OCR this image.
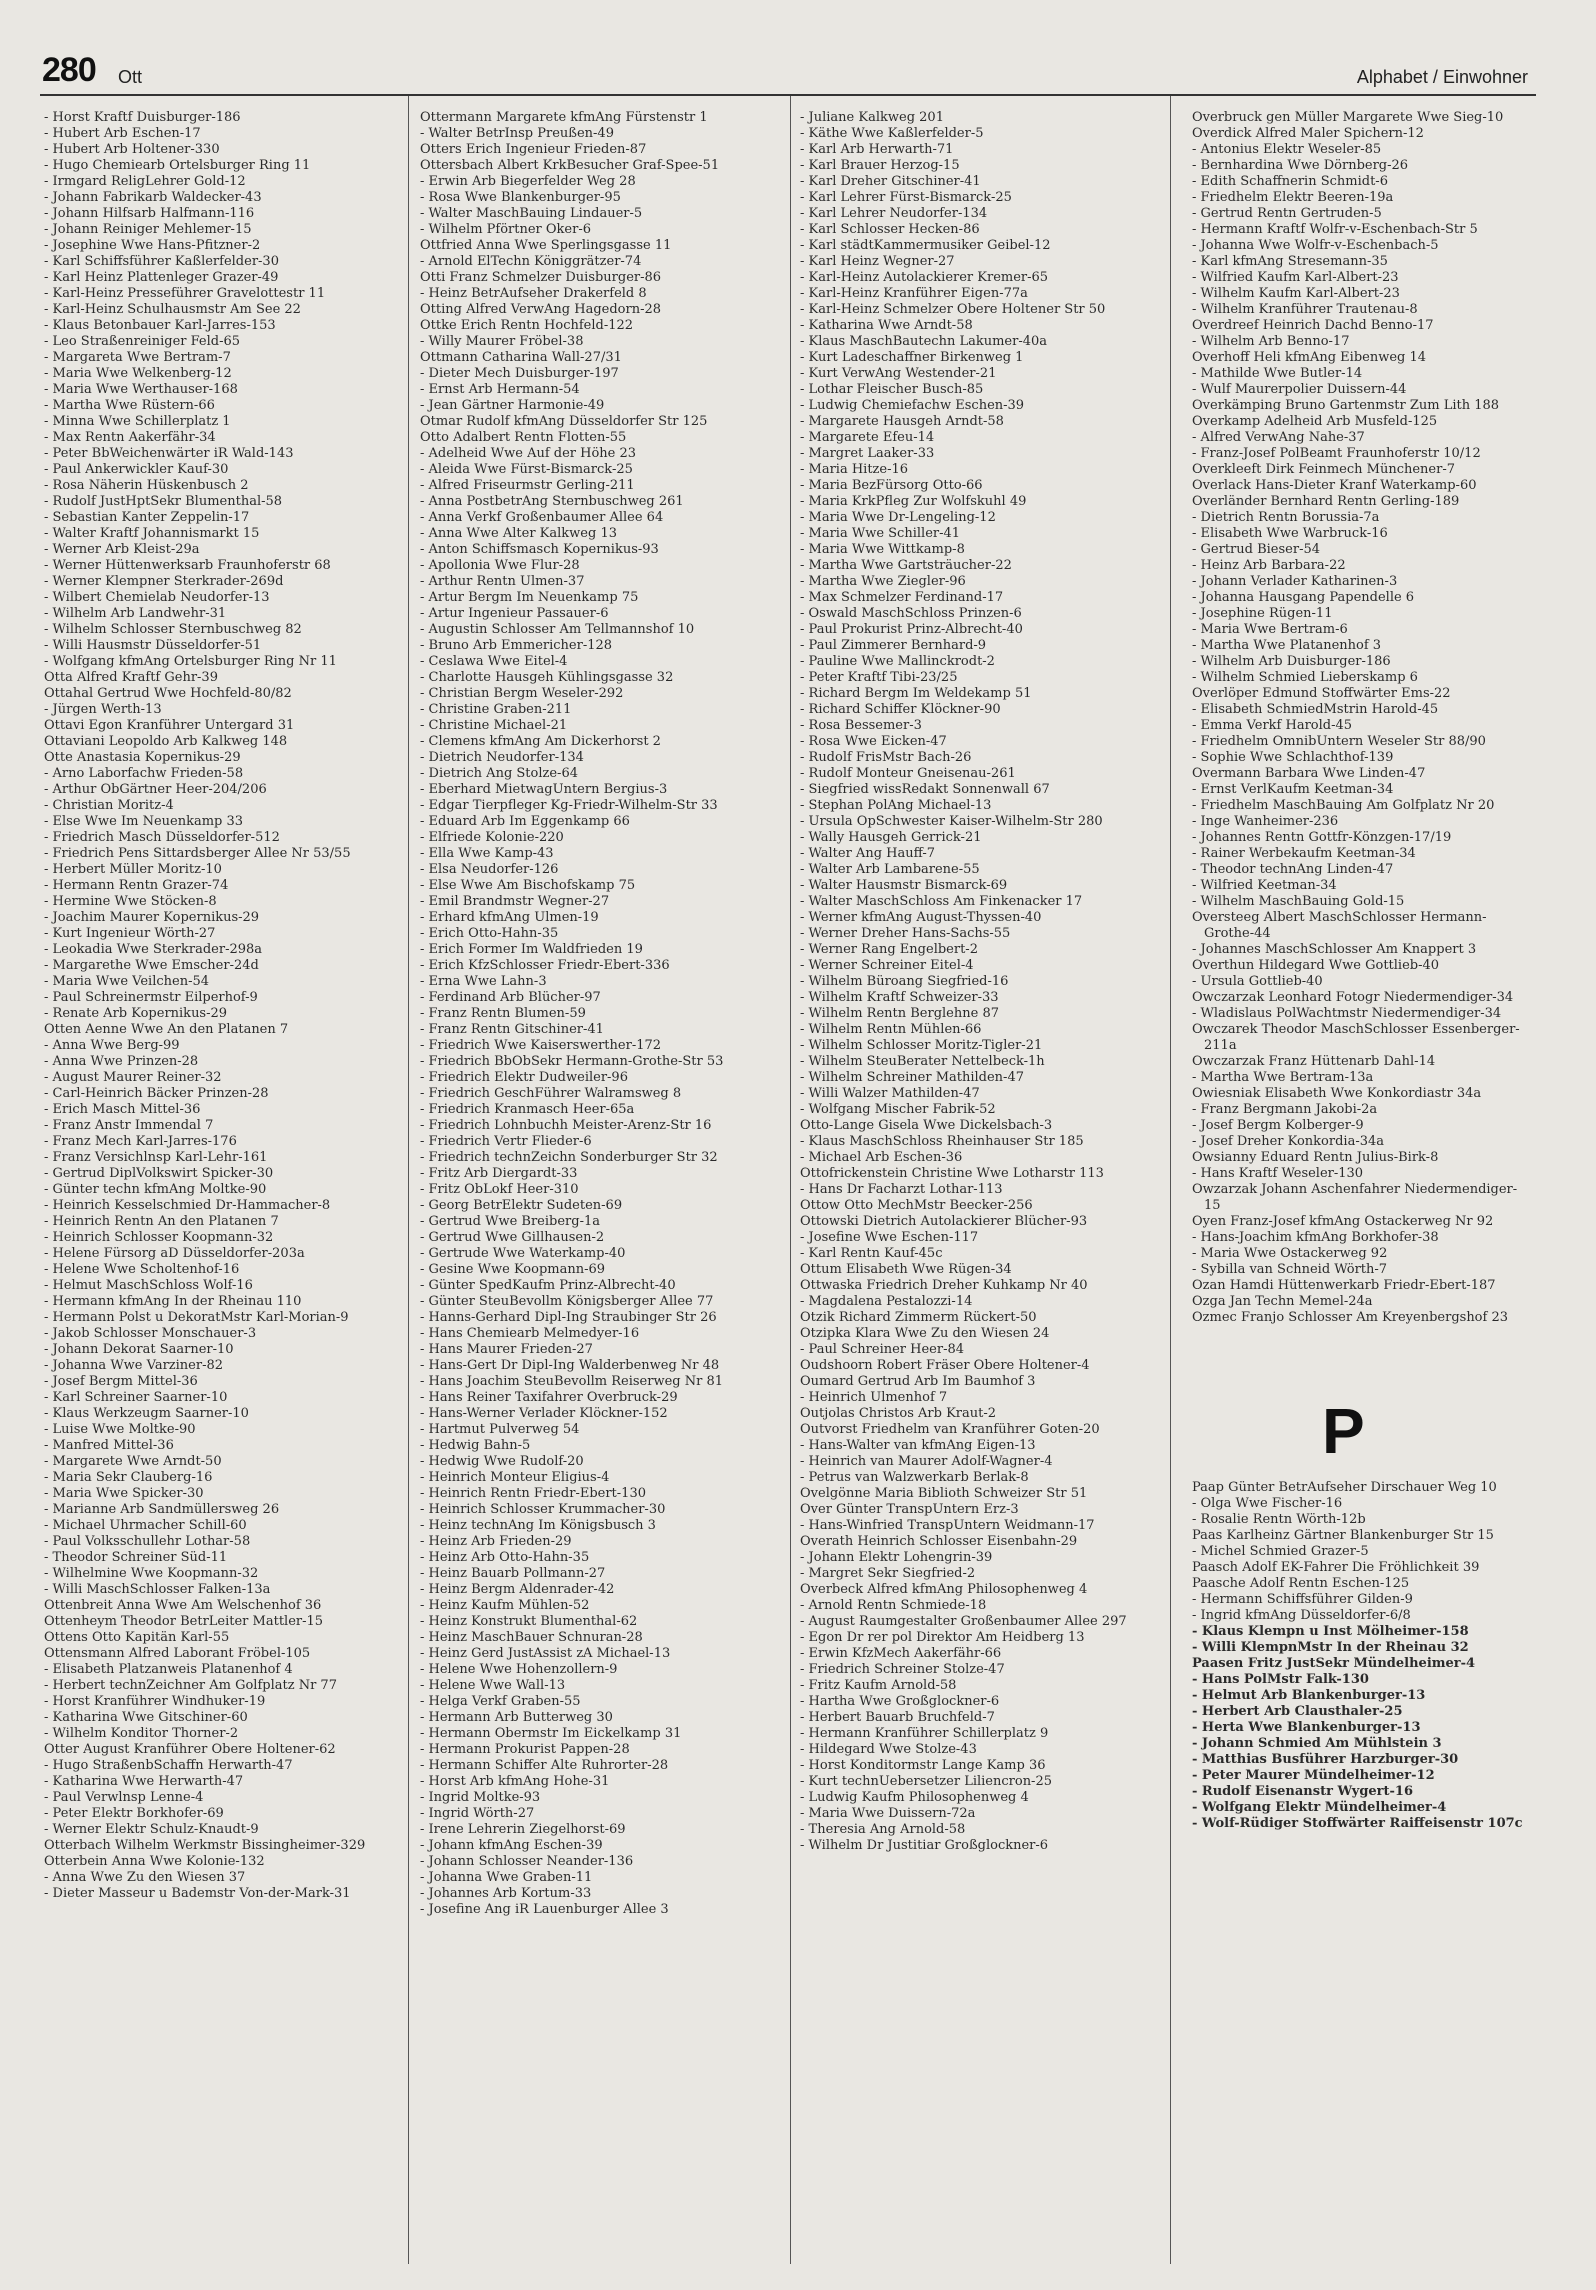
280 Ott	Alphabet / Einwohner
- Horst Kraftf Duisburger-186
- Hubert Arb Eschen-17
- Hubert Arb Holtener-330
- Hugo Chemiearb Ortelsburger Ring 11
- Irmgard ReligLehrer Gold-12
- Johann Fabrikarb Waldecker-43
- Johann Hilfsarb Halfmann-116
- Johann Reiniger Mehlemer-15
- Josephine Wwe Hans-Pfitzner-2
- Karl Schiffsführer Kaßlerfelder-30
- Karl Heinz Plattenleger Grazer-49
- Karl-Heinz Presseführer Gravelottestr 11
- Karl-Heinz Schulhausmstr Am See 22
- Klaus Betonbauer Karl-Jarres-153
- Leo Straßenreiniger Feld-65
- Margareta Wwe Bertram-7
- Maria Wwe Welkenberg-12
- Maria Wwe Werthauser-168
- Martha Wwe Rüstern-66
- Minna Wwe Schillerplatz 1
- Max Rentn Aakerfähr-34
- Peter BbWeichenwärter iR Wald-143
- Paul Ankerwickler Kauf-30
- Rosa Näherin Hüskenbusch 2
- Rudolf JustHptSekr Blumenthal-58
- Sebastian Kanter Zeppelin-17
- Walter Kraftf Johannismarkt 15
- Werner Arb Kleist-29a
- Werner Hüttenwerksarb Fraunhoferstr 68
- Werner Klempner Sterkrader-269d
- Wilbert Chemielab Neudorfer-13
- Wilhelm Arb Landwehr-31
- Wilhelm Schlosser Sternbuschweg 82
- Willi Hausmstr Düsseldorfer-51
- Wolfgang kfmAng Ortelsburger Ring Nr 11
Otta Alfred Kraftf Gehr-39
Ottahal Gertrud Wwe Hochfeld-80/82
- Jürgen Werth-13
Ottavi Egon Kranführer Untergard 31
Ottaviani Leopoldo Arb Kalkweg 148
Otte Anastasia Kopernikus-29
- Arno Laborfachw Frieden-58
- Arthur ObGärtner Heer-204/206
- Christian Moritz-4
- Else Wwe Im Neuenkamp 33
- Friedrich Masch Düsseldorfer-512
- Friedrich Pens Sittardsberger Allee Nr 53/55
- Herbert Müller Moritz-10
- Hermann Rentn Grazer-74
- Hermine Wwe Stöcken-8
- Joachim Maurer Kopernikus-29
- Kurt Ingenieur Wörth-27
- Leokadia Wwe Sterkrader-298a
- Margarethe Wwe Emscher-24d
- Maria Wwe Veilchen-54
- Paul Schreinermstr Eilperhof-9
- Renate Arb Kopernikus-29
Otten Aenne Wwe An den Platanen 7
- Anna Wwe Berg-99
- Anna Wwe Prinzen-28
- August Maurer Reiner-32
- Carl-Heinrich Bäcker Prinzen-28
- Erich Masch Mittel-36
- Franz Anstr Immendal 7
- Franz Mech Karl-Jarres-176
- Franz Versichlnsp Karl-Lehr-161
- Gertrud DiplVolkswirt Spicker-30
- Günter techn kfmAng Moltke-90
- Heinrich Kesselschmied Dr-Hammacher-8
- Heinrich Rentn An den Platanen 7
- Heinrich Schlosser Koopmann-32
- Helene Fürsorg aD Düsseldorfer-203a
- Helene Wwe Scholtenhof-16
- Helmut MaschSchloss Wolf-16
- Hermann kfmAng In der Rheinau 110
- Hermann Polst u DekoratMstr Karl-Morian-9
- Jakob Schlosser Monschauer-3
- Johann Dekorat Saarner-10
- Johanna Wwe Varziner-82
- Josef Bergm Mittel-36
- Karl Schreiner Saarner-10
- Klaus Werkzeugm Saarner-10
- Luise Wwe Moltke-90
- Manfred Mittel-36
- Margarete Wwe Arndt-50
- Maria Sekr Clauberg-16
- Maria Wwe Spicker-30
- Marianne Arb Sandmüllersweg 26
- Michael Uhrmacher Schill-60
- Paul Volksschullehr Lothar-58
- Theodor Schreiner Süd-11
- Wilhelmine Wwe Koopmann-32
- Willi MaschSchlosser Falken-13a
Ottenbreit Anna Wwe Am Welschenhof 36
Ottenheym Theodor BetrLeiter Mattler-15
Ottens Otto Kapitän Karl-55
Ottensmann Alfred Laborant Fröbel-105
- Elisabeth Platzanweis Platanenhof 4
- Herbert technZeichner Am Golfplatz Nr 77
- Horst Kranführer Windhuker-19
- Katharina Wwe Gitschiner-60
- Wilhelm Konditor Thorner-2
Otter August Kranführer Obere Holtener-62
- Hugo StraßenbSchaffn Herwarth-47
- Katharina Wwe Herwarth-47
- Paul Verwlnsp Lenne-4
- Peter Elektr Borkhofer-69
- Werner Elektr Schulz-Knaudt-9
Otterbach Wilhelm Werkmstr Bissingheimer-329
Otterbein Anna Wwe Kolonie-132
- Anna Wwe Zu den Wiesen 37
- Dieter Masseur u Bademstr Von-der-Mark-31
Ottermann Margarete kfmAng Fürstenstr 1
- Walter BetrInsp Preußen-49
Otters Erich Ingenieur Frieden-87
Ottersbach Albert KrkBesucher Graf-Spee-51
- Erwin Arb Biegerfelder Weg 28
- Rosa Wwe Blankenburger-95
- Walter MaschBauing Lindauer-5
- Wilhelm Pförtner Oker-6
Ottfried Anna Wwe Sperlingsgasse 11
- Arnold ElTechn Königgrätzer-74
Otti Franz Schmelzer Duisburger-86
- Heinz BetrAufseher Drakerfeld 8
Otting Alfred VerwAng Hagedorn-28
Ottke Erich Rentn Hochfeld-122
- Willy Maurer Fröbel-38
Ottmann Catharina Wall-27/31
- Dieter Mech Duisburger-197
- Ernst Arb Hermann-54
- Jean Gärtner Harmonie-49
Otmar Rudolf kfmAng Düsseldorfer Str 125
Otto Adalbert Rentn Flotten-55
- Adelheid Wwe Auf der Höhe 23
- Aleida Wwe Fürst-Bismarck-25
- Alfred Friseurmstr Gerling-211
- Anna PostbetrAng Sternbuschweg 261
- Anna Verkf Großenbaumer Allee 64
- Anna Wwe Alter Kalkweg 13
- Anton Schiffsmasch Kopernikus-93
- Apollonia Wwe Flur-28
- Arthur Rentn Ulmen-37
- Artur Bergm Im Neuenkamp 75
- Artur Ingenieur Passauer-6
- Augustin Schlosser Am Tellmannshof 10
- Bruno Arb Emmericher-128
- Ceslawa Wwe Eitel-4
- Charlotte Hausgeh Kühlingsgasse 32
- Christian Bergm Weseler-292
- Christine Graben-211
- Christine Michael-21
- Clemens kfmAng Am Dickerhorst 2
- Dietrich Neudorfer-134
- Dietrich Ang Stolze-64
- Eberhard MietwagUntern Bergius-3
- Edgar Tierpfleger Kg-Friedr-Wilhelm-Str 33
- Eduard Arb Im Eggenkamp 66
- Elfriede Kolonie-220
- Ella Wwe Kamp-43
- Elsa Neudorfer-126
- Else Wwe Am Bischofskamp 75
- Emil Brandmstr Wegner-27
- Erhard kfmAng Ulmen-19
- Erich Otto-Hahn-35
- Erich Former Im Waldfrieden 19
- Erich KfzSchlosser Friedr-Ebert-336
- Erna Wwe Lahn-3
- Ferdinand Arb Blücher-97
- Franz Rentn Blumen-59
- Franz Rentn Gitschiner-41
- Friedrich Wwe Kaiserswerther-172
- Friedrich BbObSekr Hermann-Grothe-Str 53
- Friedrich Elektr Dudweiler-96
- Friedrich GeschFührer Walramsweg 8
- Friedrich Kranmasch Heer-65a
- Friedrich Lohnbuchh Meister-Arenz-Str 16
- Friedrich Vertr Flieder-6
- Friedrich technZeichn Sonderburger Str 32
- Fritz Arb Diergardt-33
- Fritz ObLokf Heer-310
- Georg BetrElektr Sudeten-69
- Gertrud Wwe Breiberg-1a
- Gertrud Wwe Gillhausen-2
- Gertrude Wwe Waterkamp-40
- Gesine Wwe Koopmann-69
- Günter SpedKaufm Prinz-Albrecht-40
- Günter SteuBevollm Königsberger Allee 77
- Hanns-Gerhard Dipl-Ing Straubinger Str 26
- Hans Chemiearb Melmedyer-16
- Hans Maurer Frieden-27
- Hans-Gert Dr Dipl-Ing Walderbenweg Nr 48
- Hans Joachim SteuBevollm Reiserweg Nr 81
- Hans Reiner Taxifahrer Overbruck-29
- Hans-Werner Verlader Klöckner-152
- Hartmut Pulverweg 54
- Hedwig Bahn-5
- Hedwig Wwe Rudolf-20
- Heinrich Monteur Eligius-4
- Heinrich Rentn Friedr-Ebert-130
- Heinrich Schlosser Krummacher-30
- Heinz technAng Im Königsbusch 3
- Heinz Arb Frieden-29
- Heinz Arb Otto-Hahn-35
- Heinz Bauarb Pollmann-27
- Heinz Bergm Aldenrader-42
- Heinz Kaufm Mühlen-52
- Heinz Konstrukt Blumenthal-62
- Heinz MaschBauer Schnuran-28
- Heinz Gerd JustAssist zA Michael-13
- Helene Wwe Hohenzollern-9
- Helene Wwe Wall-13
- Helga Verkf Graben-55
- Hermann Arb Butterweg 30
- Hermann Obermstr Im Eickelkamp 31
- Hermann Prokurist Pappen-28
- Hermann Schiffer Alte Ruhrorter-28
- Horst Arb kfmAng Hohe-31
- Ingrid Moltke-93
- Ingrid Wörth-27
- Irene Lehrerin Ziegelhorst-69
- Johann kfmAng Eschen-39
- Johann Schlosser Neander-136
- Johanna Wwe Graben-11
- Johannes Arb Kortum-33
- Josefine Ang iR Lauenburger Allee 3
- Juliane Kalkweg 201
- Käthe Wwe Kaßlerfelder-5
- Karl Arb Herwarth-71
- Karl Brauer Herzog-15
- Karl Dreher Gitschiner-41
- Karl Lehrer Fürst-Bismarck-25
- Karl Lehrer Neudorfer-134
- Karl Schlosser Hecken-86
- Karl städtKammermusiker Geibel-12
- Karl Heinz Wegner-27
- Karl-Heinz Autolackierer Kremer-65
- Karl-Heinz Kranführer Eigen-77a
- Karl-Heinz Schmelzer Obere Holtener Str 50
- Katharina Wwe Arndt-58
- Klaus MaschBautechn Lakumer-40a
- Kurt Ladeschaffner Birkenweg 1
- Kurt VerwAng Westender-21
- Lothar Fleischer Busch-85
- Ludwig Chemiefachw Eschen-39
- Margarete Hausgeh Arndt-58
- Margarete Efeu-14
- Margret Laaker-33
- Maria Hitze-16
- Maria BezFürsorg Otto-66
- Maria KrkPfleg Zur Wolfskuhl 49
- Maria Wwe Dr-Lengeling-12
- Maria Wwe Schiller-41
- Maria Wwe Wittkamp-8
- Martha Wwe Gartsträucher-22
- Martha Wwe Ziegler-96
- Max Schmelzer Ferdinand-17
- Oswald MaschSchloss Prinzen-6
- Paul Prokurist Prinz-Albrecht-40
- Paul Zimmerer Bernhard-9
- Pauline Wwe Mallinckrodt-2
- Peter Kraftf Tibi-23/25
- Richard Bergm Im Weldekamp 51
- Richard Schiffer Klöckner-90
- Rosa Bessemer-3
- Rosa Wwe Eicken-47
- Rudolf FrisMstr Bach-26
- Rudolf Monteur Gneisenau-261
- Siegfried wissRedakt Sonnenwall 67
- Stephan PolAng Michael-13
- Ursula OpSchwester Kaiser-Wilhelm-Str 280
- Wally Hausgeh Gerrick-21
- Walter Ang Hauff-7
- Walter Arb Lambarene-55
- Walter Hausmstr Bismarck-69
- Walter MaschSchloss Am Finkenacker 17
- Werner kfmAng August-Thyssen-40
- Werner Dreher Hans-Sachs-55
- Werner Rang Engelbert-2
- Werner Schreiner Eitel-4
- Wilhelm Büroang Siegfried-16
- Wilhelm Kraftf Schweizer-33
- Wilhelm Rentn Berglehne 87
- Wilhelm Rentn Mühlen-66
- Wilhelm Schlosser Moritz-Tigler-21
- Wilhelm SteuBerater Nettelbeck-1h
- Wilhelm Schreiner Mathilden-47
- Willi Walzer Mathilden-47
- Wolfgang Mischer Fabrik-52
Otto-Lange Gisela Wwe Dickelsbach-3
- Klaus MaschSchloss Rheinhauser Str 185
- Michael Arb Eschen-36
Ottofrickenstein Christine Wwe Lotharstr 113
- Hans Dr Facharzt Lothar-113
Ottow Otto MechMstr Beecker-256
Ottowski Dietrich Autolackierer Blücher-93
- Josefine Wwe Eschen-117
- Karl Rentn Kauf-45c
Ottum Elisabeth Wwe Rügen-34
Ottwaska Friedrich Dreher Kuhkamp Nr 40
- Magdalena Pestalozzi-14
Otzik Richard Zimmerm Rückert-50
Otzipka Klara Wwe Zu den Wiesen 24
- Paul Schreiner Heer-84
Oudshoorn Robert Fräser Obere Holtener-4
Oumard Gertrud Arb Im Baumhof 3
- Heinrich Ulmenhof 7
Outjolas Christos Arb Kraut-2
Outvorst Friedhelm van Kranführer Goten-20
- Hans-Walter van kfmAng Eigen-13
- Heinrich van Maurer Adolf-Wagner-4
- Petrus van Walzwerkarb Berlak-8
Ovelgönne Maria Biblioth Schweizer Str 51
Over Günter TranspUntern Erz-3
- Hans-Winfried TranspUntern Weidmann-17
Overath Heinrich Schlosser Eisenbahn-29
- Johann Elektr Lohengrin-39
- Margret Sekr Siegfried-2
Overbeck Alfred kfmAng Philosophenweg 4
- Arnold Rentn Schmiede-18
- August Raumgestalter Großenbaumer Allee 297
- Egon Dr rer pol Direktor Am Heidberg 13
- Erwin KfzMech Aakerfähr-66
- Friedrich Schreiner Stolze-47
- Fritz Kaufm Arnold-58
- Hartha Wwe Großglockner-6
- Herbert Bauarb Bruchfeld-7
- Hermann Kranführer Schillerplatz 9
- Hildegard Wwe Stolze-43
- Horst Konditormstr Lange Kamp 36
- Kurt technUebersetzer Liliencron-25
- Ludwig Kaufm Philosophenweg 4
- Maria Wwe Duissern-72a
- Theresia Ang Arnold-58
- Wilhelm Dr Justitiar Großglockner-6
Overbruck gen Müller Margarete Wwe Sieg-10
Overdick Alfred Maler Spichern-12
- Antonius Elektr Weseler-85
- Bernhardina Wwe Dörnberg-26
- Edith Schaffnerin Schmidt-6
- Friedhelm Elektr Beeren-19a
- Gertrud Rentn Gertruden-5
- Hermann Kraftf Wolfr-v-Eschenbach-Str 5
- Johanna Wwe Wolfr-v-Eschenbach-5
- Karl kfmAng Stresemann-35
- Wilfried Kaufm Karl-Albert-23
- Wilhelm Kaufm Karl-Albert-23
- Wilhelm Kranführer Trautenau-8
Overdreef Heinrich Dachd Benno-17
- Wilhelm Arb Benno-17
Overhoff Heli kfmAng Eibenweg 14
- Mathilde Wwe Butler-14
- Wulf Maurerpolier Duissern-44
Overkämping Bruno Gartenmstr Zum Lith 188
Overkamp Adelheid Arb Musfeld-125
- Alfred VerwAng Nahe-37
- Franz-Josef PolBeamt Fraunhoferstr 10/12
Overkleeft Dirk Feinmech Münchener-7
Overlack Hans-Dieter Kranf Waterkamp-60
Overländer Bernhard Rentn Gerling-189
- Dietrich Rentn Borussia-7a
- Elisabeth Wwe Warbruck-16
- Gertrud Bieser-54
- Heinz Arb Barbara-22
- Johann Verlader Katharinen-3
- Johanna Hausgang Papendelle 6
- Josephine Rügen-11
- Maria Wwe Bertram-6
- Martha Wwe Platanenhof 3
- Wilhelm Arb Duisburger-186
- Wilhelm Schmied Lieberskamp 6
Overlöper Edmund Stoffwärter Ems-22
- Elisabeth SchmiedMstrin Harold-45
- Emma Verkf Harold-45
- Friedhelm OmnibUntern Weseler Str 88/90
- Sophie Wwe Schlachthof-139
Overmann Barbara Wwe Linden-47
- Ernst VerlKaufm Keetman-34
- Friedhelm MaschBauing Am Golfplatz Nr 20
- Inge Wanheimer-236
- Johannes Rentn Gottfr-Könzgen-17/19
- Rainer Werbekaufm Keetman-34
- Theodor technAng Linden-47
- Wilfried Keetman-34
- Wilhelm MaschBauing Gold-15
Oversteeg Albert MaschSchlosser Hermann-Grothe-44
- Johannes MaschSchlosser Am Knappert 3
Overthun Hildegard Wwe Gottlieb-40
- Ursula Gottlieb-40
Owczarzak Leonhard Fotogr Niedermendiger-34
- Wladislaus PolWachtmstr Niedermendiger-34
Owczarek Theodor MaschSchlosser Essenberger-211a
Owczarzak Franz Hüttenarb Dahl-14
- Martha Wwe Bertram-13a
Owiesniak Elisabeth Wwe Konkordiastr 34a
- Franz Bergmann Jakobi-2a
- Josef Bergm Kolberger-9
- Josef Dreher Konkordia-34a
Owsianny Eduard Rentn Julius-Birk-8
- Hans Kraftf Weseler-130
Owzarzak Johann Aschenfahrer Niedermendiger-15
Oyen Franz-Josef kfmAng Ostackerweg Nr 92
- Hans-Joachim kfmAng Borkhofer-38
- Maria Wwe Ostackerweg 92
- Sybilla van Schneid Wörth-7
Ozan Hamdi Hüttenwerkarb Friedr-Ebert-187
Ozga Jan Techn Memel-24a
Ozmec Franjo Schlosser Am Kreyenbergshof 23
P
Paap Günter BetrAufseher Dirschauer Weg 10
- Olga Wwe Fischer-16
- Rosalie Rentn Wörth-12b
Paas Karlheinz Gärtner Blankenburger Str 15
- Michel Schmied Grazer-5
Paasch Adolf EK-Fahrer Die Fröhlichkeit 39
Paasche Adolf Rentn Eschen-125
- Hermann Schiffsführer Gilden-9
- Ingrid kfmAng Düsseldorfer-6/8
- Klaus Klempn u Inst Mölheimer-158
- Willi KlempnMstr In der Rheinau 32
Paasen Fritz JustSekr Mündelheimer-4
- Hans PolMstr Falk-130
- Helmut Arb Blankenburger-13
- Herbert Arb Clausthaler-25
- Herta Wwe Blankenburger-13
- Johann Schmied Am Mühlstein 3
- Matthias Busführer Harzburger-30
- Peter Maurer Mündelheimer-12
- Rudolf Eisenanstr Wygert-16
- Wolfgang Elektr Mündelheimer-4
- Wolf-Rüdiger Stoffwärter Raiffeisenstr 107c
